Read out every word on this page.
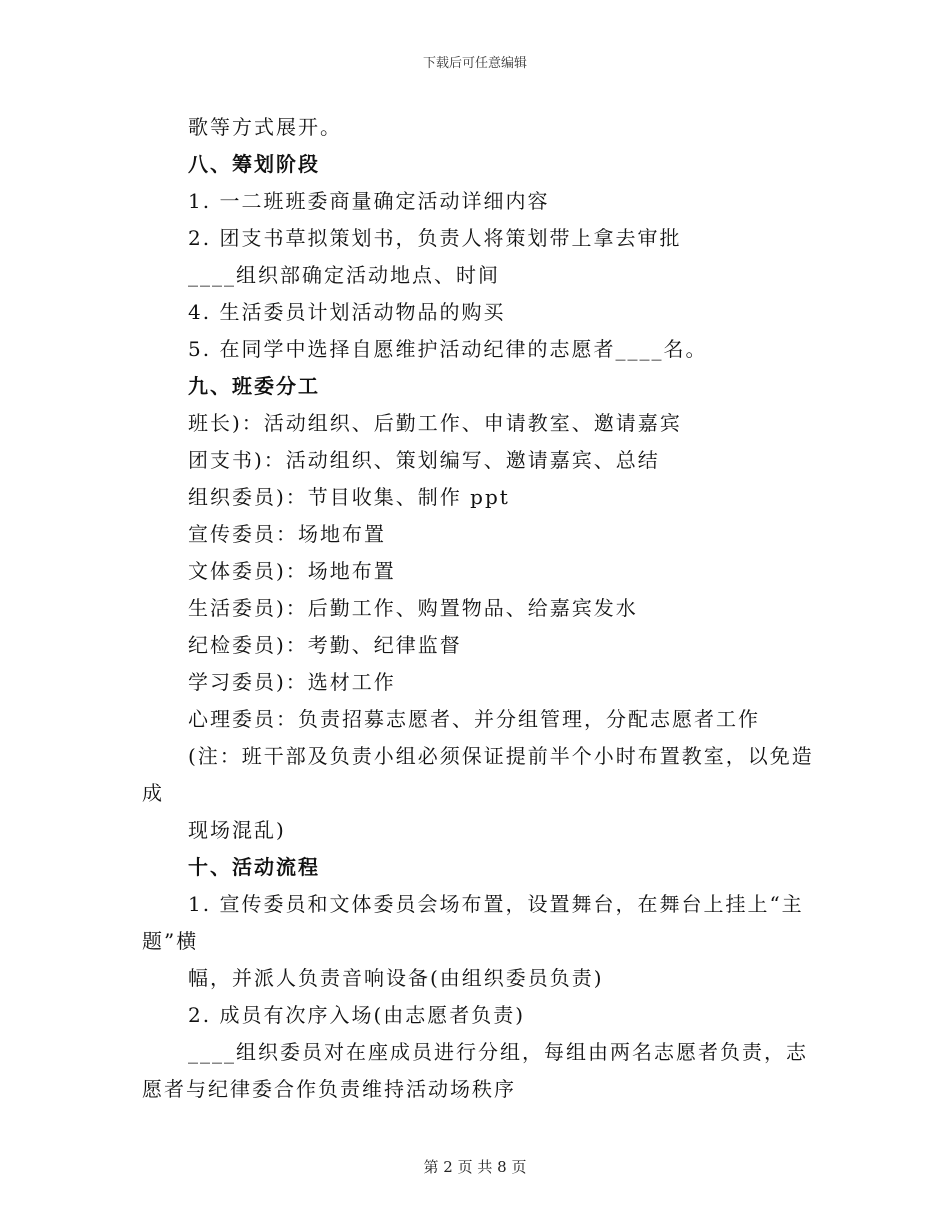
下载后可任意编辑
歌等方式展开。
八、筹划阶段
1. 一二班班委商量确定活动详细内容
2. 团支书草拟策划书，负责人将策划带上拿去审批
____组织部确定活动地点、时间
4. 生活委员计划活动物品的购买
5. 在同学中选择自愿维护活动纪律的志愿者____名。
九、班委分工
班长)：活动组织、后勤工作、申请教室、邀请嘉宾
团支书)：活动组织、策划编写、邀请嘉宾、总结
组织委员)：节目收集、制作 ppt
宣传委员：场地布置
文体委员)：场地布置
生活委员)：后勤工作、购置物品、给嘉宾发水
纪检委员)：考勤、纪律监督
学习委员)：选材工作
心理委员：负责招募志愿者、并分组管理，分配志愿者工作
(注：班干部及负责小组必须保证提前半个小时布置教室，以免造
成
现场混乱)
十、活动流程
1. 宣传委员和文体委员会场布置，设置舞台，在舞台上挂上“主
题”横
幅，并派人负责音响设备(由组织委员负责)
2. 成员有次序入场(由志愿者负责)
____组织委员对在座成员进行分组，每组由两名志愿者负责，志
愿者与纪律委合作负责维持活动场秩序
第 2 页 共 8 页
